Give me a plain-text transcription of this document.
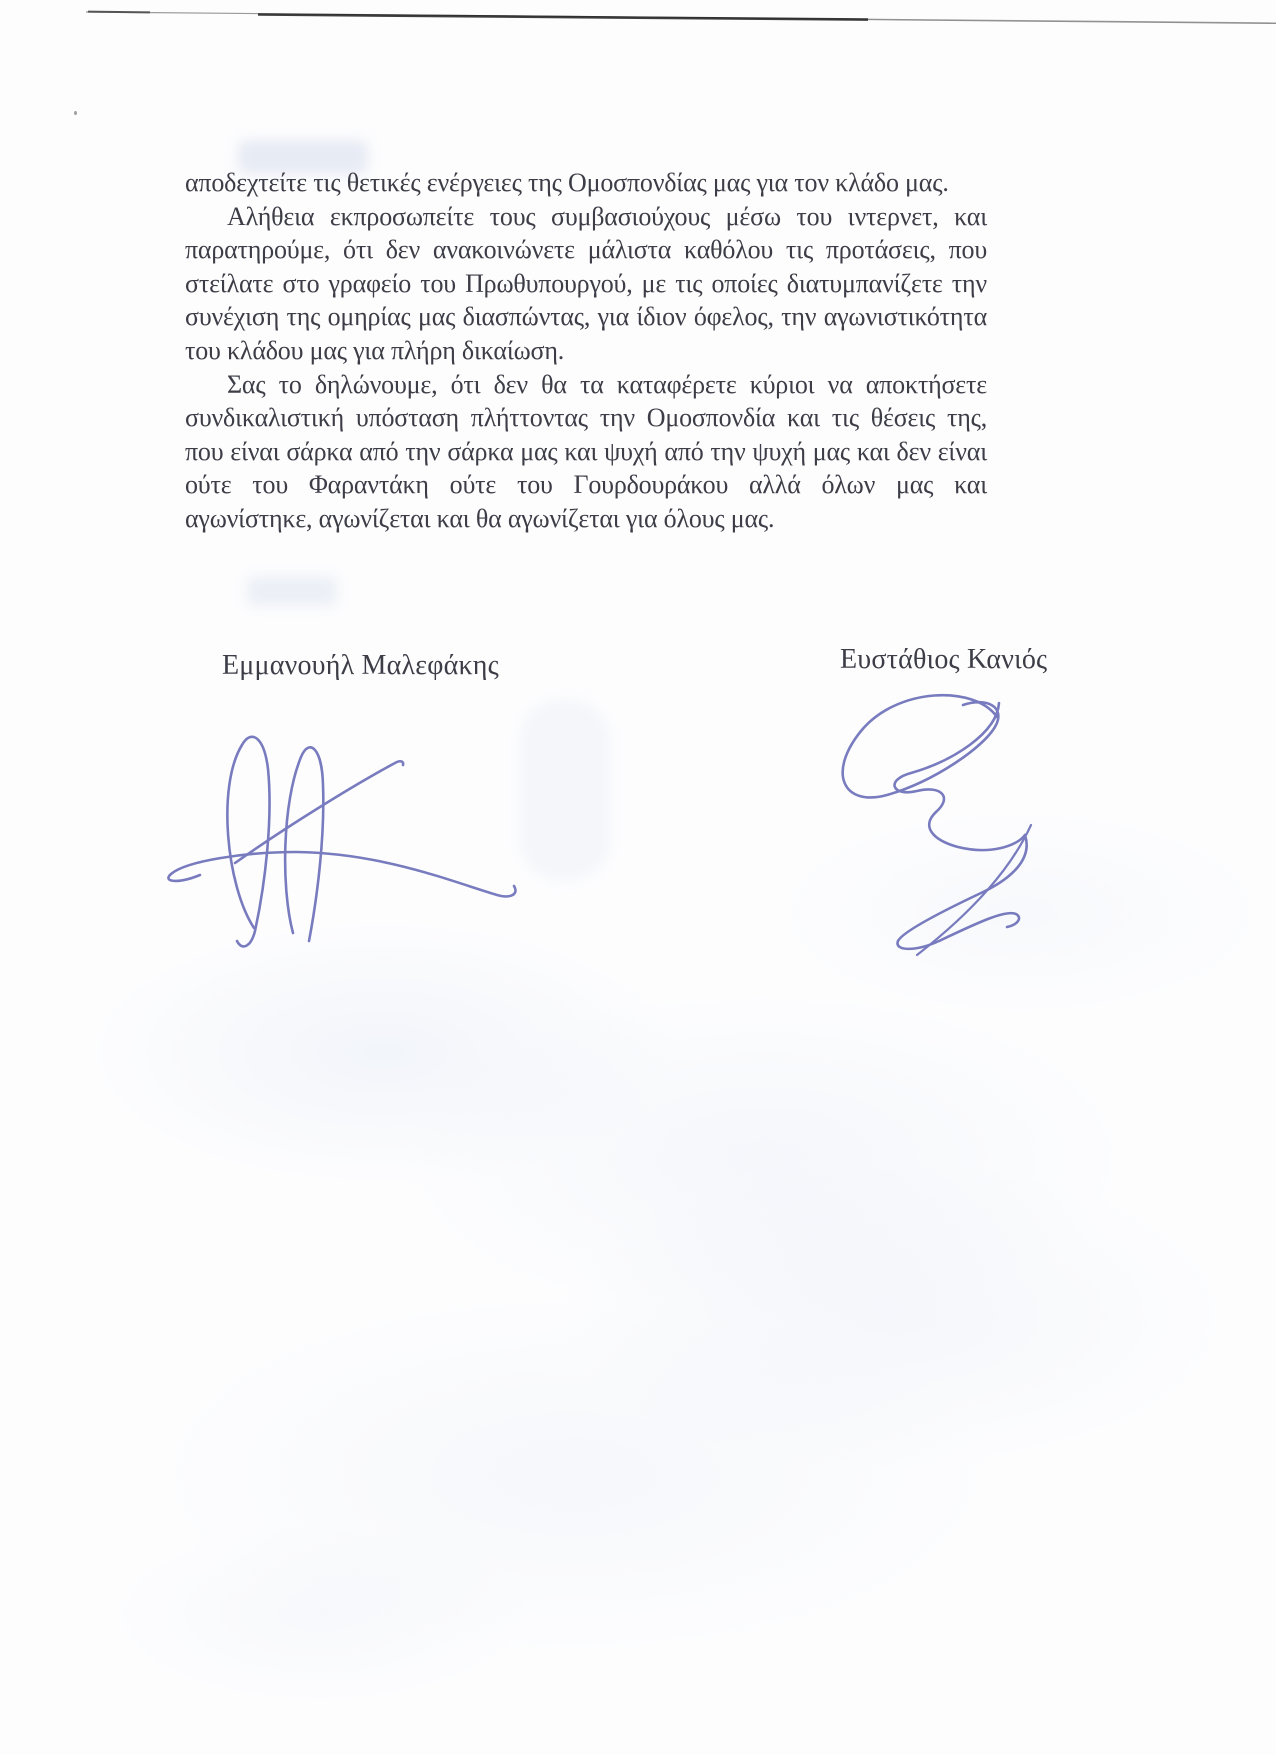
αποδεχτείτε τις θετικές ενέργειες της Ομοσπονδίας μας για τον κλάδο μας.

Αλήθεια εκπροσωπείτε τους συμβασιούχους μέσω του ιντερνετ, και παρατηρούμε, ότι δεν ανακοινώνετε μάλιστα καθόλου τις προτάσεις, που στείλατε στο γραφείο του Πρωθυπουργού, με τις οποίες διατυμπανίζετε την συνέχιση της ομηρίας μας διασπώντας, για ίδιον όφελος, την αγωνιστικότητα του κλάδου μας για πλήρη δικαίωση.

Σας το δηλώνουμε, ότι δεν θα τα καταφέρετε κύριοι να αποκτήσετε συνδικαλιστική υπόσταση πλήττοντας την Ομοσπονδία και τις θέσεις της, που είναι σάρκα από την σάρκα μας και ψυχή από την ψυχή μας και δεν είναι ούτε του Φαραντάκη ούτε του Γουρδουράκου αλλά όλων μας και αγωνίστηκε, αγωνίζεται και θα αγωνίζεται για όλους μας.

Εμμανουήλ Μαλεφάκης	Ευστάθιος Κανιός
